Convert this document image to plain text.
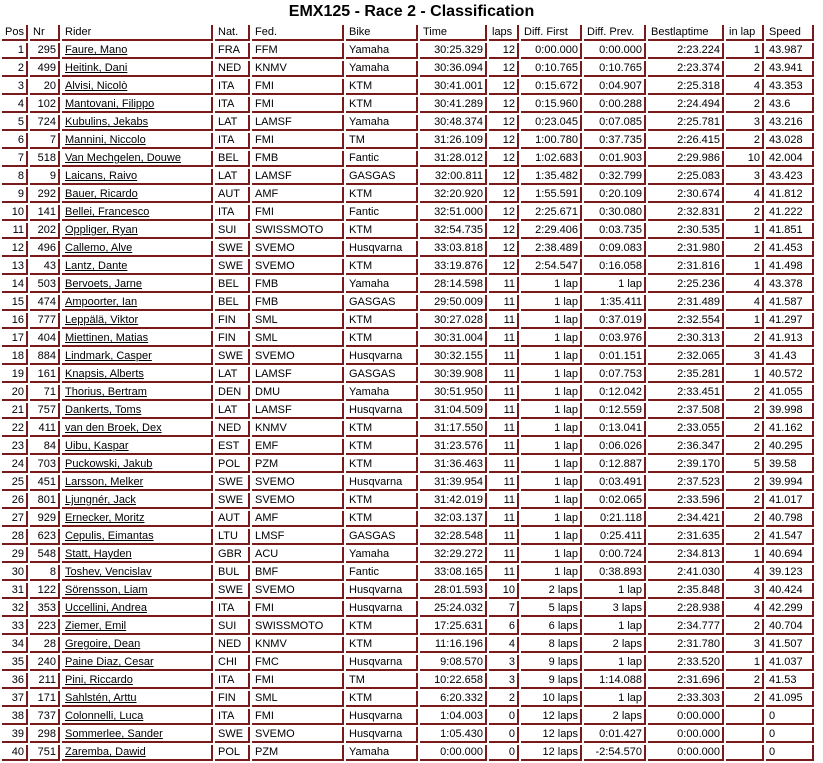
EMX125 - Race 2 - Classification
Pos	Nr	Rider	Nat.	Fed.	Bike	Time	laps	Diff. First	Diff. Prev.	Bestlaptime	in lap	Speed
1	295	Faure, Mano	FRA	FFM	Yamaha	30:25.329	12	0:00.000	0:00.000	2:23.224	1	43.987
2	499	Heitink, Dani	NED	KNMV	Yamaha	30:36.094	12	0:10.765	0:10.765	2:23.374	2	43.941
3	20	Alvisi, Nicolò	ITA	FMI	KTM	30:41.001	12	0:15.672	0:04.907	2:25.318	4	43.353
4	102	Mantovani, Filippo	ITA	FMI	KTM	30:41.289	12	0:15.960	0:00.288	2:24.494	2	43.6
5	724	Kubulins, Jekabs	LAT	LAMSF	Yamaha	30:48.374	12	0:23.045	0:07.085	2:25.781	3	43.216
6	7	Mannini, Niccolo	ITA	FMI	TM	31:26.109	12	1:00.780	0:37.735	2:26.415	2	43.028
7	518	Van Mechgelen, Douwe	BEL	FMB	Fantic	31:28.012	12	1:02.683	0:01.903	2:29.986	10	42.004
8	9	Laicans, Raivo	LAT	LAMSF	GASGAS	32:00.811	12	1:35.482	0:32.799	2:25.083	3	43.423
9	292	Bauer, Ricardo	AUT	AMF	KTM	32:20.920	12	1:55.591	0:20.109	2:30.674	4	41.812
10	141	Bellei, Francesco	ITA	FMI	Fantic	32:51.000	12	2:25.671	0:30.080	2:32.831	2	41.222
11	202	Oppliger, Ryan	SUI	SWISSMOTO	KTM	32:54.735	12	2:29.406	0:03.735	2:30.535	1	41.851
12	496	Callemo, Alve	SWE	SVEMO	Husqvarna	33:03.818	12	2:38.489	0:09.083	2:31.980	2	41.453
13	43	Lantz, Dante	SWE	SVEMO	KTM	33:19.876	12	2:54.547	0:16.058	2:31.816	1	41.498
14	503	Bervoets, Jarne	BEL	FMB	Yamaha	28:14.598	11	1 lap	1 lap	2:25.236	4	43.378
15	474	Ampoorter, Ian	BEL	FMB	GASGAS	29:50.009	11	1 lap	1:35.411	2:31.489	4	41.587
16	777	Leppälä, Viktor	FIN	SML	KTM	30:27.028	11	1 lap	0:37.019	2:32.554	1	41.297
17	404	Miettinen, Matias	FIN	SML	KTM	30:31.004	11	1 lap	0:03.976	2:30.313	2	41.913
18	884	Lindmark, Casper	SWE	SVEMO	Husqvarna	30:32.155	11	1 lap	0:01.151	2:32.065	3	41.43
19	161	Knapsis, Alberts	LAT	LAMSF	GASGAS	30:39.908	11	1 lap	0:07.753	2:35.281	1	40.572
20	71	Thorius, Bertram	DEN	DMU	Yamaha	30:51.950	11	1 lap	0:12.042	2:33.451	2	41.055
21	757	Dankerts, Toms	LAT	LAMSF	Husqvarna	31:04.509	11	1 lap	0:12.559	2:37.508	2	39.998
22	411	van den Broek, Dex	NED	KNMV	KTM	31:17.550	11	1 lap	0:13.041	2:33.055	2	41.162
23	84	Uibu, Kaspar	EST	EMF	KTM	31:23.576	11	1 lap	0:06.026	2:36.347	2	40.295
24	703	Puckowski, Jakub	POL	PZM	KTM	31:36.463	11	1 lap	0:12.887	2:39.170	5	39.58
25	451	Larsson, Melker	SWE	SVEMO	Husqvarna	31:39.954	11	1 lap	0:03.491	2:37.523	2	39.994
26	801	Ljungnér, Jack	SWE	SVEMO	KTM	31:42.019	11	1 lap	0:02.065	2:33.596	2	41.017
27	929	Ernecker, Moritz	AUT	AMF	KTM	32:03.137	11	1 lap	0:21.118	2:34.421	2	40.798
28	623	Cepulis, Eimantas	LTU	LMSF	GASGAS	32:28.548	11	1 lap	0:25.411	2:31.635	2	41.547
29	548	Statt, Hayden	GBR	ACU	Yamaha	32:29.272	11	1 lap	0:00.724	2:34.813	1	40.694
30	8	Toshev, Vencislav	BUL	BMF	Fantic	33:08.165	11	1 lap	0:38.893	2:41.030	4	39.123
31	122	Sörensson, Liam	SWE	SVEMO	Husqvarna	28:01.593	10	2 laps	1 lap	2:35.848	3	40.424
32	353	Uccellini, Andrea	ITA	FMI	Husqvarna	25:24.032	7	5 laps	3 laps	2:28.938	4	42.299
33	223	Ziemer, Emil	SUI	SWISSMOTO	KTM	17:25.631	6	6 laps	1 lap	2:34.777	2	40.704
34	28	Gregoire, Dean	NED	KNMV	KTM	11:16.196	4	8 laps	2 laps	2:31.780	3	41.507
35	240	Paine Diaz, Cesar	CHI	FMC	Husqvarna	9:08.570	3	9 laps	1 lap	2:33.520	1	41.037
36	211	Pini, Riccardo	ITA	FMI	TM	10:22.658	3	9 laps	1:14.088	2:31.696	2	41.53
37	171	Sahlstén, Arttu	FIN	SML	KTM	6:20.332	2	10 laps	1 lap	2:33.303	2	41.095
38	737	Colonnelli, Luca	ITA	FMI	Husqvarna	1:04.003	0	12 laps	2 laps	0:00.000		0
39	298	Sommerlee, Sander	SWE	SVEMO	Husqvarna	1:05.430	0	12 laps	0:01.427	0:00.000		0
40	751	Zaremba, Dawid	POL	PZM	Yamaha	0:00.000	0	12 laps	-2:54.570	0:00.000		0
